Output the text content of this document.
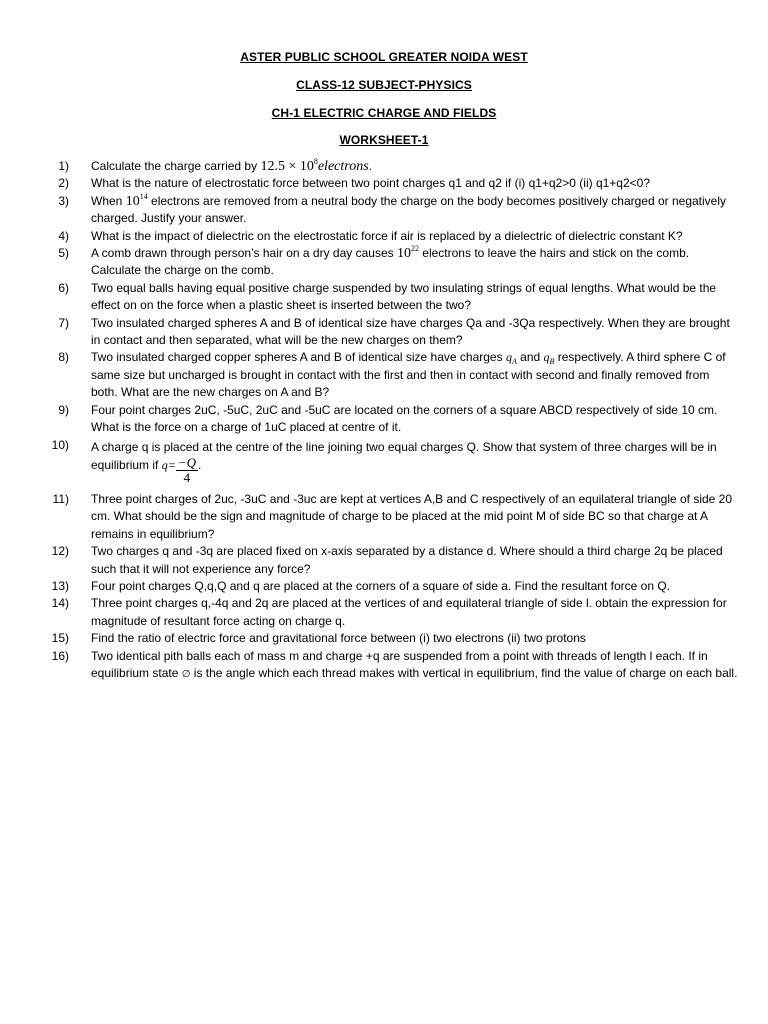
ASTER PUBLIC SCHOOL GREATER NOIDA WEST
CLASS-12 SUBJECT-PHYSICS
CH-1 ELECTRIC CHARGE AND FIELDS
WORKSHEET-1
1) Calculate the charge carried by $12.5 \times 10^8electrons$.
2) What is the nature of electrostatic force between two point charges q1 and q2 if (i) q1+q2>0 (ii) q1+q2<0?
3) When $10^{14}$ electrons are removed from a neutral body the charge on the body becomes positively charged or negatively charged. Justify your answer.
4) What is the impact of dielectric on the electrostatic force if air is replaced by a dielectric of dielectric constant K?
5) A comb drawn through person’s hair on a dry day causes $10^{22}$ electrons to leave the hairs and stick on the comb. Calculate the charge on the comb.
6) Two equal balls having equal positive charge suspended by two insulating strings of equal lengths. What would be the effect on on the force when a plastic sheet is inserted between the two?
7) Two insulated charged spheres A and B of identical size have charges Qa and -3Qa respectively. When they are brought in contact and then separated, what will be the new charges on them?
8) Two insulated charged copper spheres A and B of identical size have charges $q_A$ and $q_B$ respectively. A third sphere C of same size but uncharged is brought in contact with the first and then in contact with second and finally removed from both. What are the new charges on A and B?
9) Four point charges 2uC, -5uC, 2uC and -5uC are located on the corners of a square ABCD respectively of side 10 cm. What is the force on a charge of 1uC placed at centre of it.
10) A charge q is placed at the centre of the line joining two equal charges Q. Show that system of three charges will be in equilibrium if $q= \frac{-Q}{4}$ .
11) Three point charges of 2uc, -3uC and -3uc are kept at vertices A,B and C respectively of an equilateral triangle of side 20 cm. What should be the sign and magnitude of charge to be placed at the mid point M of side BC so that charge at A remains in equilibrium?
12) Two charges q and -3q are placed fixed on x-axis separated by a distance d. Where should a third charge 2q be placed such that it will not experience any force?
13) Four point charges Q,q,Q and q are placed at the corners of a square of side a. Find the resultant force on Q.
14) Three point charges q,-4q and 2q are placed at the vertices of and equilateral triangle of side l. obtain the expression for magnitude of resultant force acting on charge q.
15) Find the ratio of electric force and gravitational force between (i) two electrons (ii) two protons
16) Two identical pith balls each of mass m and charge +q are suspended from a point with threads of length l each. If in equilibrium state ∅ is the angle which each thread makes with vertical in equilibrium, find the value of charge on each ball.
